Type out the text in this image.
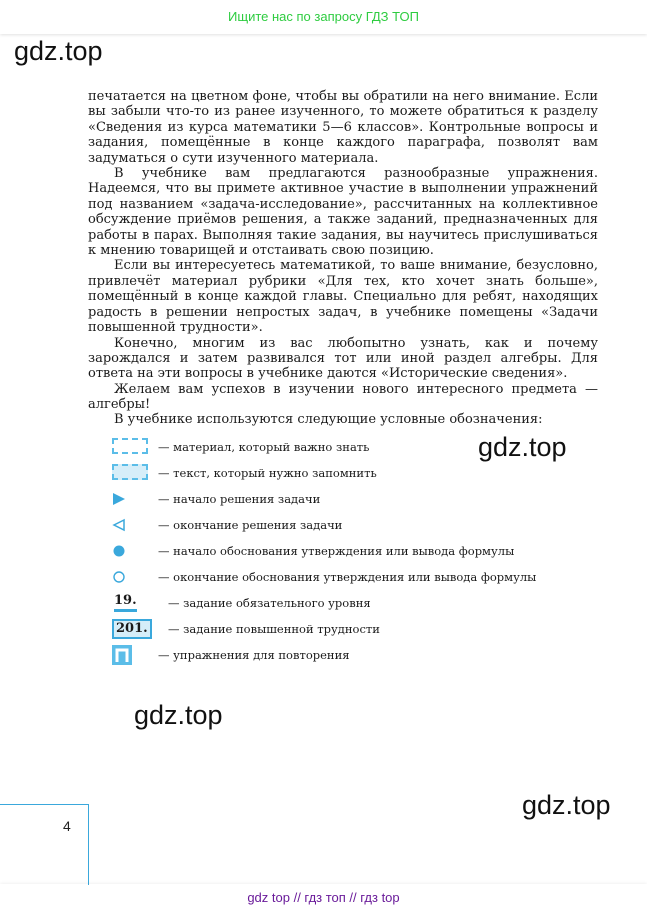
Ищите нас по запросу ГДЗ ТОП
gdz.top
gdz.top
gdz.top
gdz.top

печатается на цветном фоне, чтобы вы обратили на него внимание. Если вы забыли что-то из ранее изученного, то можете обратиться к разделу «Сведения из курса математики 5—6 классов». Контрольные вопросы и задания, помещённые в конце каждого параграфа, позволят вам задуматься о сути изученного материала.

В учебнике вам предлагаются разнообразные упражнения. Надеемся, что вы примете активное участие в выполнении упражнений под названием «задача-исследование», рассчитанных на коллективное обсуждение приёмов решения, а также заданий, предназначенных для работы в парах. Выполняя такие задания, вы научитесь прислушиваться к мнению товарищей и отстаивать свою позицию.

Если вы интересуетесь математикой, то ваше внимание, безусловно, привлечёт материал рубрики «Для тех, кто хочет знать больше», помещённый в конце каждой главы. Специально для ребят, находящих радость в решении непростых задач, в учебнике помещены «Задачи повышенной трудности».

Конечно, многим из вас любопытно узнать, как и почему зарождался и затем развивался тот или иной раздел алгебры. Для ответа на эти вопросы в учебнике даются «Исторические сведения».

Желаем вам успехов в изучении нового интересного предмета — алгебры!

В учебнике используются следующие условные обозначения:
— материал, который важно знать
— текст, который нужно запомнить
— начало решения задачи
— окончание решения задачи
— начало обоснования утверждения или вывода формулы
— окончание обоснования утверждения или вывода формулы
19.	— задание обязательного уровня
201.	— задание повышенной трудности
— упражнения для повторения
4
gdz top // гдз топ // гдз top
